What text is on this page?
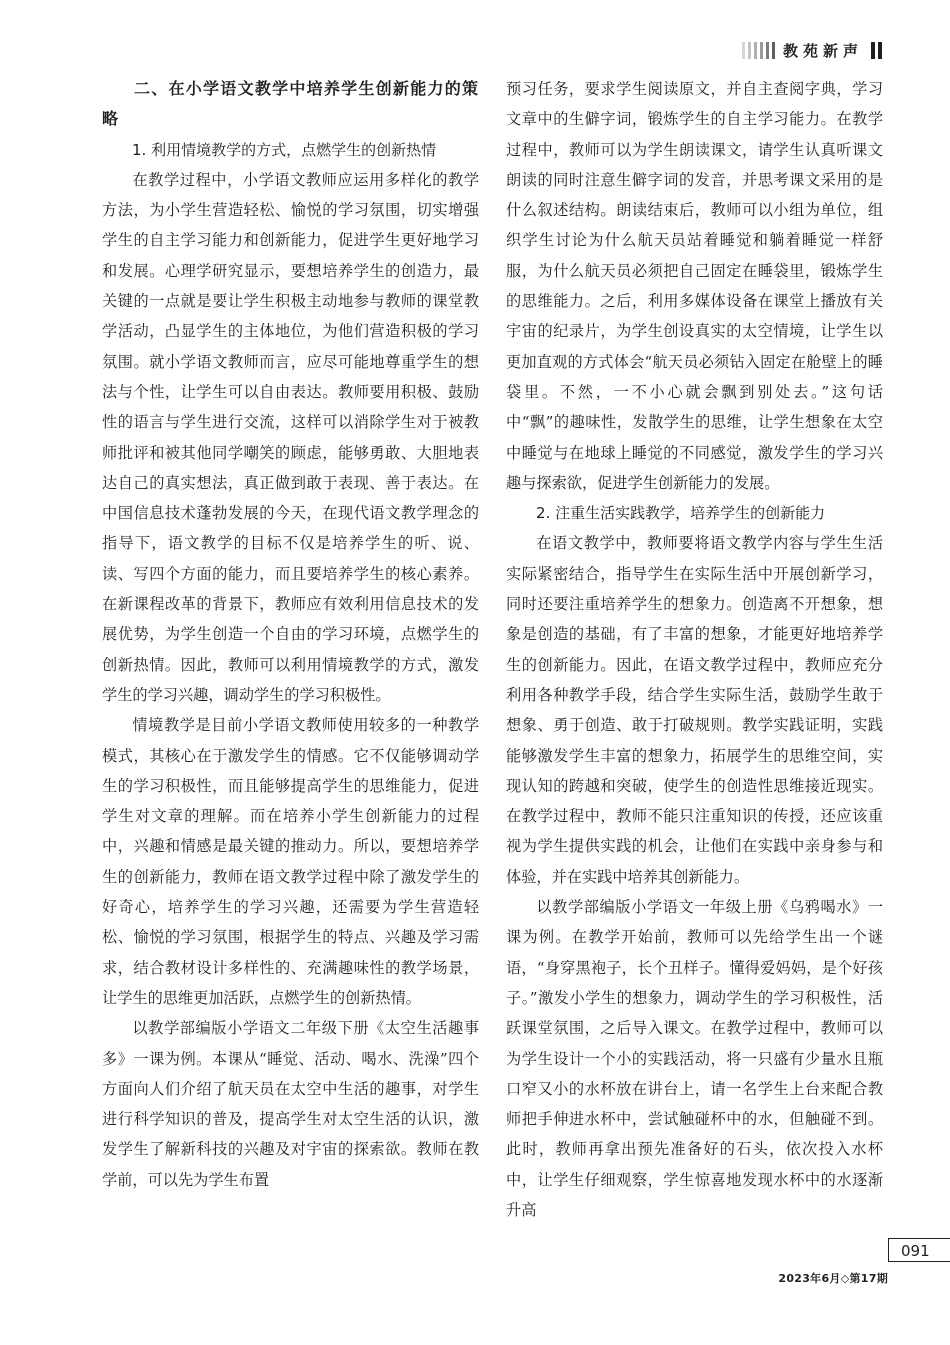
教苑新声
二、在小学语文教学中培养学生创新能力的策略
1. 利用情境教学的方式，点燃学生的创新热情

在教学过程中，小学语文教师应运用多样化的教学方法，为小学生营造轻松、愉悦的学习氛围，切实增强学生的自主学习能力和创新能力，促进学生更好地学习和发展。心理学研究显示，要想培养学生的创造力，最关键的一点就是要让学生积极主动地参与教师的课堂教学活动，凸显学生的主体地位，为他们营造积极的学习氛围。就小学语文教师而言，应尽可能地尊重学生的想法与个性，让学生可以自由表达。教师要用积极、鼓励性的语言与学生进行交流，这样可以消除学生对于被教师批评和被其他同学嘲笑的顾虑，能够勇敢、大胆地表达自己的真实想法，真正做到敢于表现、善于表达。在中国信息技术蓬勃发展的今天，在现代语文教学理念的指导下，语文教学的目标不仅是培养学生的听、说、读、写四个方面的能力，而且要培养学生的核心素养。在新课程改革的背景下，教师应有效利用信息技术的发展优势，为学生创造一个自由的学习环境，点燃学生的创新热情。因此，教师可以利用情境教学的方式，激发学生的学习兴趣，调动学生的学习积极性。

情境教学是目前小学语文教师使用较多的一种教学模式，其核心在于激发学生的情感。它不仅能够调动学生的学习积极性，而且能够提高学生的思维能力，促进学生对文章的理解。而在培养小学生创新能力的过程中，兴趣和情感是最关键的推动力。所以，要想培养学生的创新能力，教师在语文教学过程中除了激发学生的好奇心，培养学生的学习兴趣，还需要为学生营造轻松、愉悦的学习氛围，根据学生的特点、兴趣及学习需求，结合教材设计多样性的、充满趣味性的教学场景，让学生的思维更加活跃，点燃学生的创新热情。

以教学部编版小学语文二年级下册《太空生活趣事多》一课为例。本课从“睡觉、活动、喝水、洗澡”四个方面向人们介绍了航天员在太空中生活的趣事，对学生进行科学知识的普及，提高学生对太空生活的认识，激发学生了解新科技的兴趣及对宇宙的探索欲。教师在教学前，可以先为学生布置

预习任务，要求学生阅读原文，并自主查阅字典，学习文章中的生僻字词，锻炼学生的自主学习能力。在教学过程中，教师可以为学生朗读课文，请学生认真听课文朗读的同时注意生僻字词的发音，并思考课文采用的是什么叙述结构。朗读结束后，教师可以小组为单位，组织学生讨论为什么航天员站着睡觉和躺着睡觉一样舒服，为什么航天员必须把自己固定在睡袋里，锻炼学生的思维能力。之后，利用多媒体设备在课堂上播放有关宇宙的纪录片，为学生创设真实的太空情境，让学生以更加直观的方式体会“航天员必须钻入固定在舱壁上的睡袋里。不然，一不小心就会飘到别处去。”这句话中“飘”的趣味性，发散学生的思维，让学生想象在太空中睡觉与在地球上睡觉的不同感觉，激发学生的学习兴趣与探索欲，促进学生创新能力的发展。

2. 注重生活实践教学，培养学生的创新能力

在语文教学中，教师要将语文教学内容与学生生活实际紧密结合，指导学生在实际生活中开展创新学习，同时还要注重培养学生的想象力。创造离不开想象，想象是创造的基础，有了丰富的想象，才能更好地培养学生的创新能力。因此，在语文教学过程中，教师应充分利用各种教学手段，结合学生实际生活，鼓励学生敢于想象、勇于创造、敢于打破规则。教学实践证明，实践能够激发学生丰富的想象力，拓展学生的思维空间，实现认知的跨越和突破，使学生的创造性思维接近现实。在教学过程中，教师不能只注重知识的传授，还应该重视为学生提供实践的机会，让他们在实践中亲身参与和体验，并在实践中培养其创新能力。

以教学部编版小学语文一年级上册《乌鸦喝水》一课为例。在教学开始前，教师可以先给学生出一个谜语，“身穿黑袍子，长个丑样子。懂得爱妈妈，是个好孩子。”激发小学生的想象力，调动学生的学习积极性，活跃课堂氛围，之后导入课文。在教学过程中，教师可以为学生设计一个小的实践活动，将一只盛有少量水且瓶口窄又小的水杯放在讲台上，请一名学生上台来配合教师把手伸进水杯中，尝试触碰杯中的水，但触碰不到。此时，教师再拿出预先准备好的石头，依次投入水杯中，让学生仔细观察，学生惊喜地发现水杯中的水逐渐升高

091
2023年6月◇第17期
